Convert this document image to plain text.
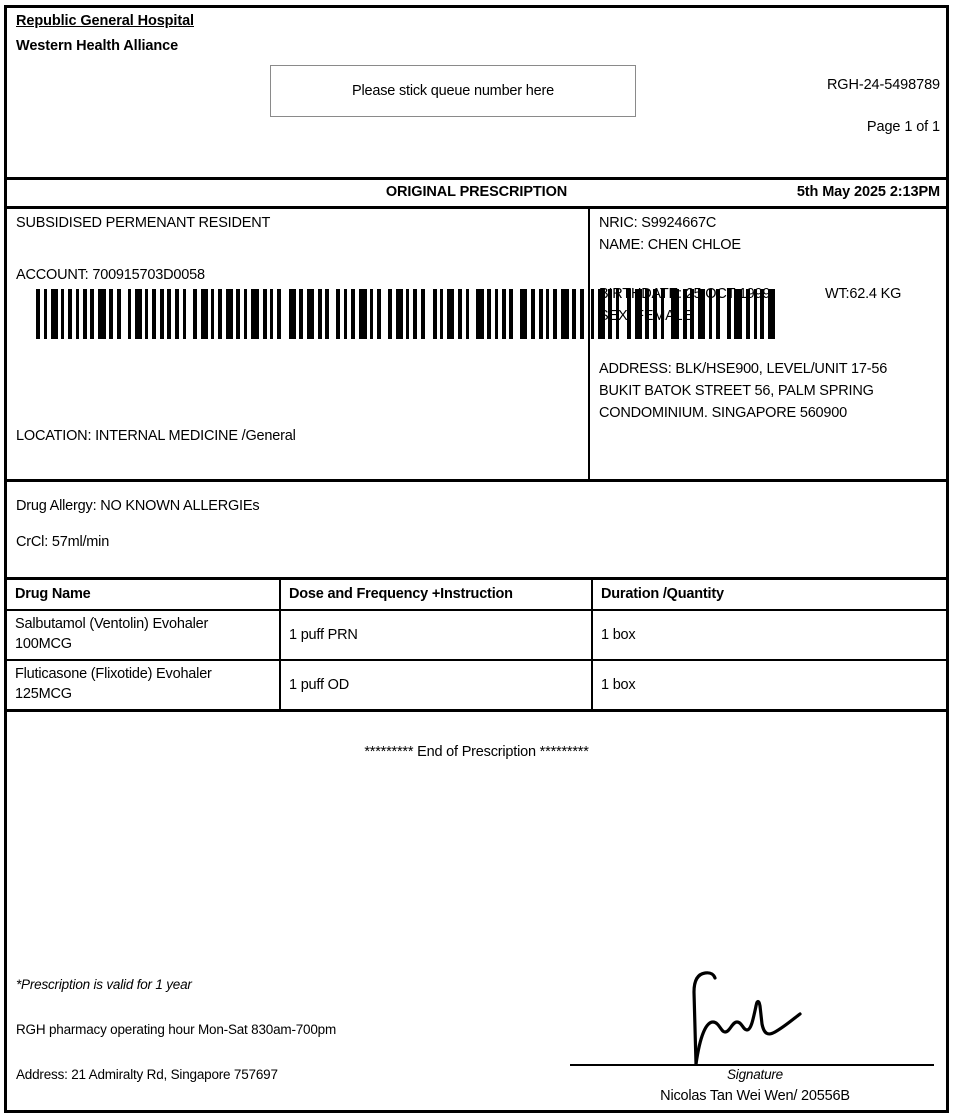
Republic General Hospital
Western Health Alliance
Please stick queue number here	RGH-24-5498789
Page 1 of 1
ORIGINAL PRESCRIPTION	5th May 2025 2:13PM
SUBSIDISED PERMENANT RESIDENT
ACCOUNT: 700915703D0058
LOCATION: INTERNAL MEDICINE /General
NRIC: S9924667C
NAME: CHEN CHLOE
BIRTHDATE: 25 OCT 1999	WT:62.4 KG
SEX: FEMALE
ADDRESS: BLK/HSE900, LEVEL/UNIT 17-56
BUKIT BATOK STREET 56, PALM SPRING
CONDOMINIUM. SINGAPORE 560900
Drug Allergy: NO KNOWN ALLERGIEs
CrCl: 57ml/min
Drug Name	Dose and Frequency +Instruction	Duration /Quantity

Salbutamol (Ventolin) Evohaler
100MCG	1 puff PRN	1 box

Fluticasone (Flixotide) Evohaler
125MCG	1 puff OD	1 box
********* End of Prescription *********
*Prescription is valid for 1 year
RGH pharmacy operating hour Mon-Sat 830am-700pm
Address: 21 Admiralty Rd, Singapore 757697	Signature
Nicolas Tan Wei Wen/ 20556B
